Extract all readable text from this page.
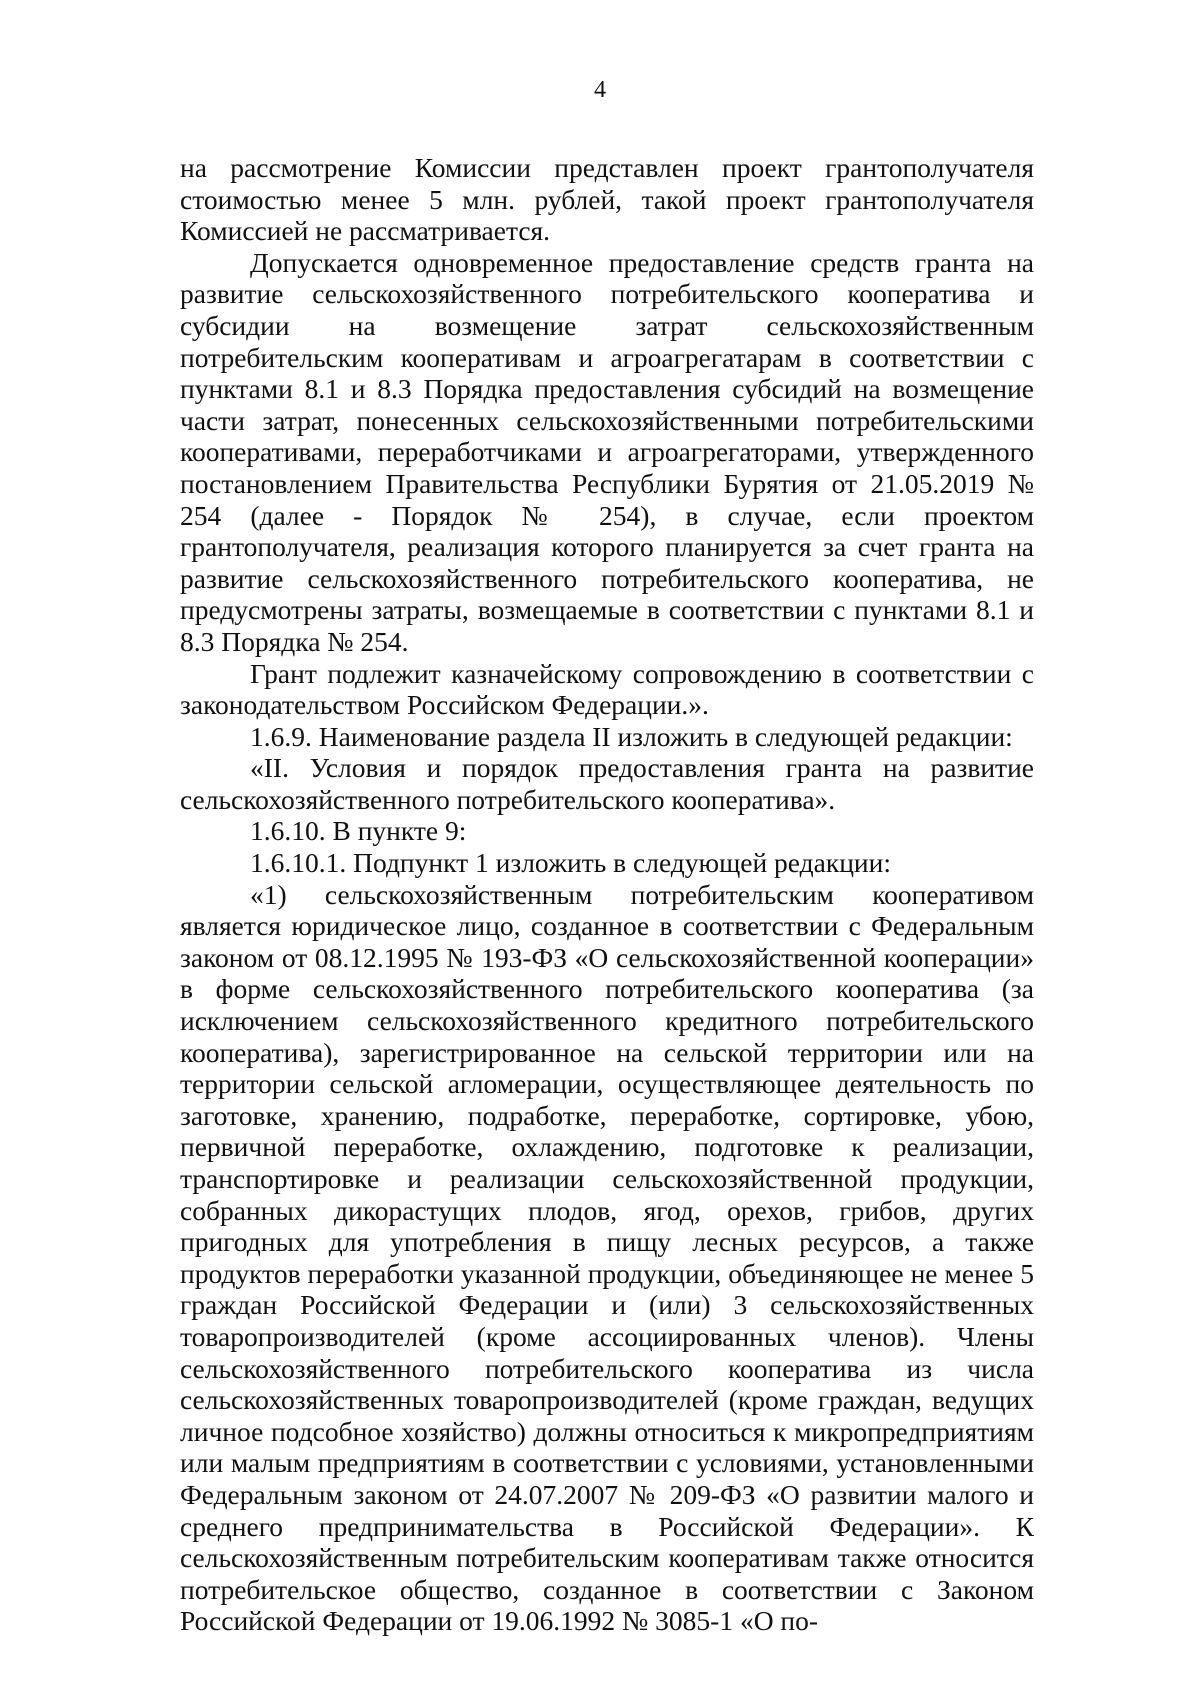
4

на рассмотрение Комиссии представлен проект грантополучателя стоимостью менее 5 млн. рублей, такой проект грантополучателя Комиссией не рассматривается.

Допускается одновременное предоставление средств гранта на развитие сельскохозяйственного потребительского кооператива и субсидии на возмещение затрат сельскохозяйственным потребительским кооперативам и агроагрегатарам в соответствии с пунктами 8.1 и 8.3 Порядка предоставления субсидий на возмещение части затрат, понесенных сельскохозяйственными потребительскими кооперативами, переработчиками и агроагрегаторами, утвержденного постановлением Правительства Республики Бурятия от 21.05.2019 № 254 (далее - Порядок № 254), в случае, если проектом грантополучателя, реализация которого планируется за счет гранта на развитие сельскохозяйственного потребительского кооператива, не предусмотрены затраты, возмещаемые в соответствии с пунктами 8.1 и 8.3 Порядка № 254.

Грант подлежит казначейскому сопровождению в соответствии с законодательством Российском Федерации.».

1.6.9. Наименование раздела II изложить в следующей редакции:

«II. Условия и порядок предоставления гранта на развитие сельскохозяйственного потребительского кооператива».

1.6.10. В пункте 9:

1.6.10.1. Подпункт 1 изложить в следующей редакции:

«1) сельскохозяйственным потребительским кооперативом является юридическое лицо, созданное в соответствии с Федеральным законом от 08.12.1995 № 193-ФЗ «О сельскохозяйственной кооперации» в форме сельскохозяйственного потребительского кооператива (за исключением сельскохозяйственного кредитного потребительского кооператива), зарегистрированное на сельской территории или на территории сельской агломерации, осуществляющее деятельность по заготовке, хранению, подработке, переработке, сортировке, убою, первичной переработке, охлаждению, подготовке к реализации, транспортировке и реализации сельскохозяйственной продукции, собранных дикорастущих плодов, ягод, орехов, грибов, других пригодных для употребления в пищу лесных ресурсов, а также продуктов переработки указанной продукции, объединяющее не менее 5 граждан Российской Федерации и (или) 3 сельскохозяйственных товаропроизводителей (кроме ассоциированных членов). Члены сельскохозяйственного потребительского кооператива из числа сельскохозяйственных товаропроизводителей (кроме граждан, ведущих личное подсобное хозяйство) должны относиться к микропредприятиям или малым предприятиям в соответствии с условиями, установленными Федеральным законом от 24.07.2007 № 209-ФЗ «О развитии малого и среднего предпринимательства в Российской Федерации». К сельскохозяйственным потребительским кооперативам также относится потребительское общество, созданное в соответствии с Законом Российской Федерации от 19.06.1992 № 3085-1 «О по-
